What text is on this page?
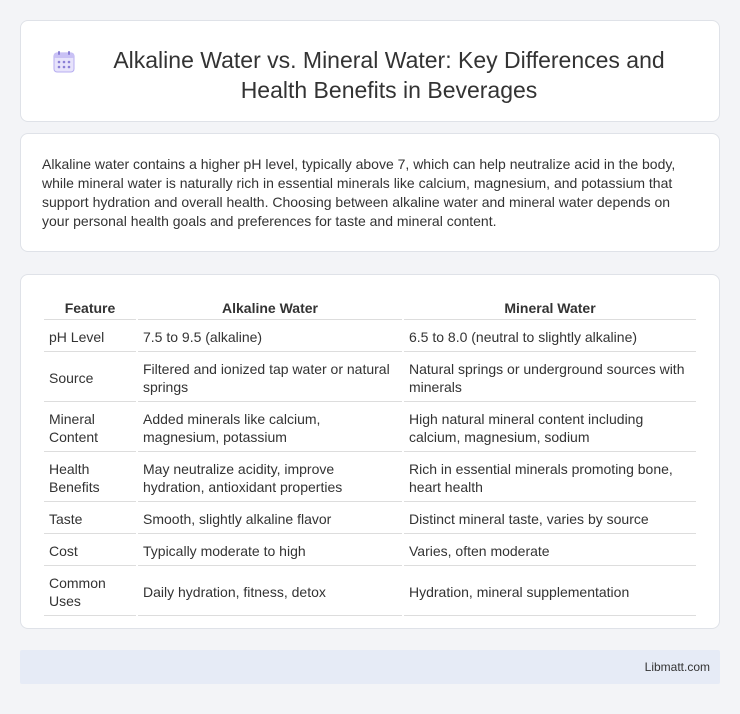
Alkaline Water vs. Mineral Water: Key Differences and Health Benefits in Beverages

Alkaline water contains a higher pH level, typically above 7, which can help neutralize acid in the body, while mineral water is naturally rich in essential minerals like calcium, magnesium, and potassium that support hydration and overall health. Choosing between alkaline water and mineral water depends on your personal health goals and preferences for taste and mineral content.

Feature	Alkaline Water	Mineral Water
pH Level	7.5 to 9.5 (alkaline)	6.5 to 8.0 (neutral to slightly alkaline)
Source	Filtered and ionized tap water or natural springs	Natural springs or underground sources with minerals
Mineral Content	Added minerals like calcium, magnesium, potassium	High natural mineral content including calcium, magnesium, sodium
Health Benefits	May neutralize acidity, improve hydration, antioxidant properties	Rich in essential minerals promoting bone, heart health
Taste	Smooth, slightly alkaline flavor	Distinct mineral taste, varies by source
Cost	Typically moderate to high	Varies, often moderate
Common Uses	Daily hydration, fitness, detox	Hydration, mineral supplementation
Libmatt.com
